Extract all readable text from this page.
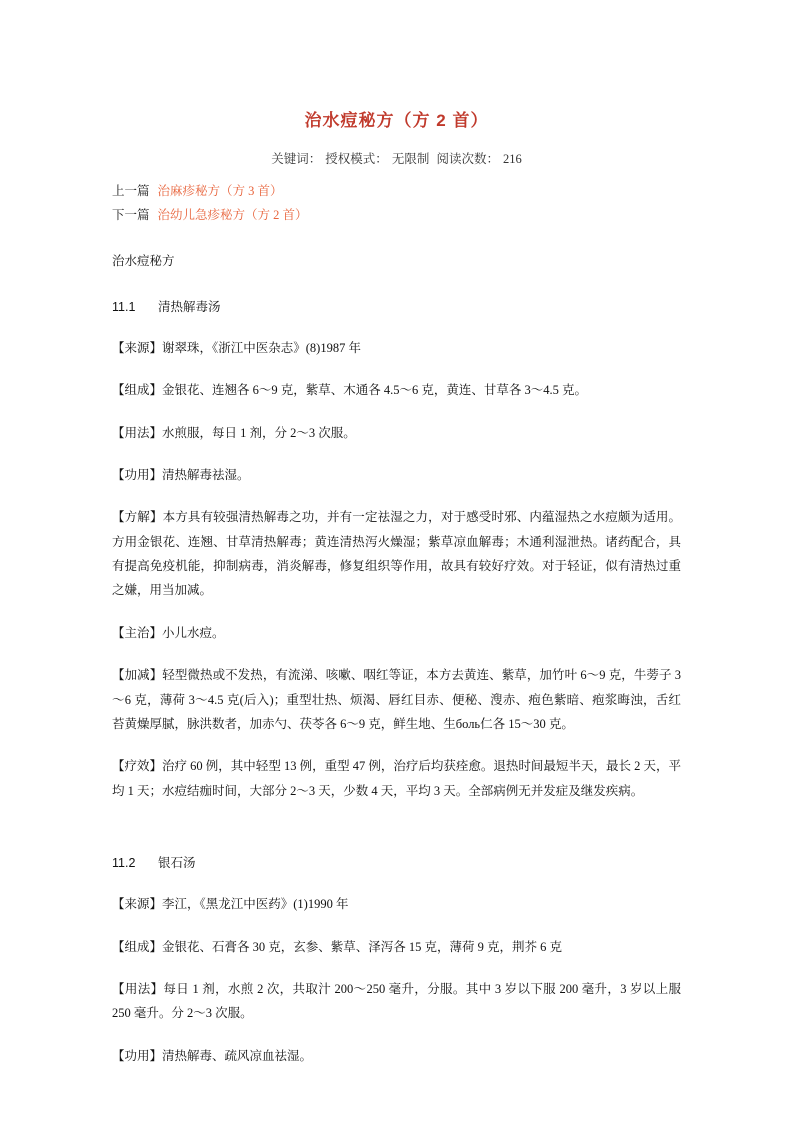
治水痘秘方（方 2 首）
关键词： 授权模式： 无限制 阅读次数： 216
上一篇 治麻疹秘方（方 3 首）
下一篇 治幼儿急疹秘方（方 2 首）
治水痘秘方
11.1 清热解毒汤
【来源】谢翠珠，《浙江中医杂志》(8)1987 年
【组成】金银花、连翘各 6～9 克，紫草、木通各 4.5～6 克，黄连、甘草各 3～4.5 克。
【用法】水煎服，每日 1 剂，分 2～3 次服。
【功用】清热解毒祛湿。
【方解】本方具有较强清热解毒之功，并有一定祛湿之力，对于感受时邪、内蕴湿热之水痘颇为适用。方用金银花、连翘、甘草清热解毒；黄连清热泻火燥湿；紫草凉血解毒；木通利湿泄热。诸药配合，具有提高免疫机能，抑制病毒，消炎解毒，修复组织等作用，故具有较好疗效。对于轻证，似有清热过重之嫌，用当加减。
【主治】小儿水痘。
【加减】轻型微热或不发热，有流涕、咳嗽、咽红等证，本方去黄连、紫草，加竹叶 6～9 克，牛蒡子 3～6 克，薄荷 3～4.5 克(后入)；重型壮热、烦渴、唇红目赤、便秘、溲赤、疱色紫暗、疱浆晦浊，舌红苔黄燥厚腻，脉洪数者，加赤勺、茯苓各 6～9 克，鲜生地、生боль仁各 15～30 克。
【疗效】治疗 60 例，其中轻型 13 例，重型 47 例，治疗后均获痊愈。退热时间最短半天，最长 2 天，平均 1 天；水痘结痂时间，大部分 2～3 天，少数 4 天，平均 3 天。全部病例无并发症及继发疾病。
11.2 银石汤
【来源】李江，《黑龙江中医药》(1)1990 年
【组成】金银花、石膏各 30 克，玄参、紫草、泽泻各 15 克，薄荷 9 克，荆芥 6 克
【用法】每日 1 剂，水煎 2 次，共取汁 200～250 毫升，分服。其中 3 岁以下服 200 毫升，3 岁以上服 250 毫升。分 2～3 次服。
【功用】清热解毒、疏风凉血祛湿。
